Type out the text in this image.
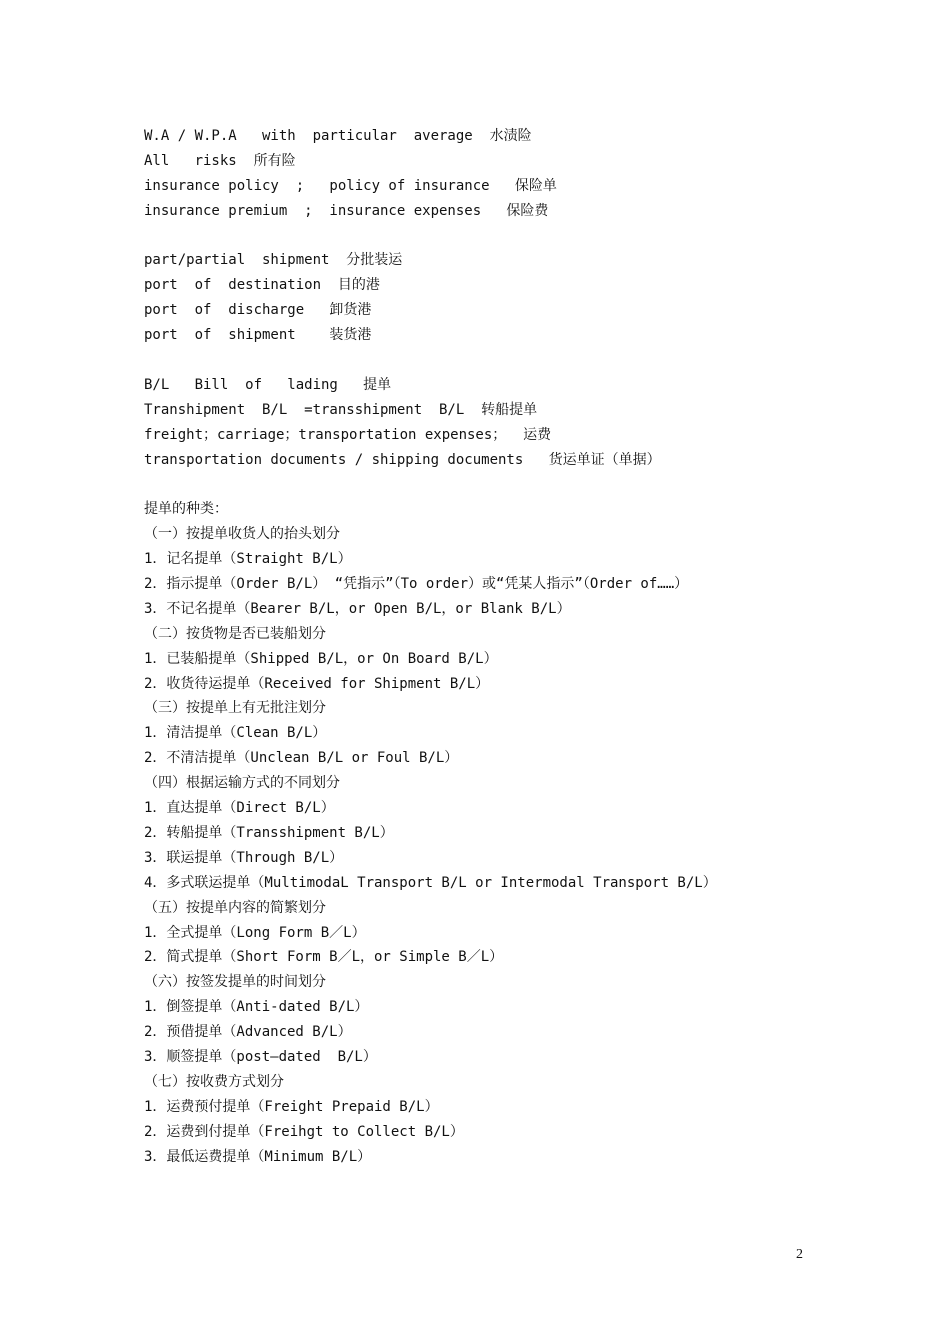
W.A / W.P.A   with  particular  average  水渍险
All   risks  所有险
insurance policy  ;   policy of insurance   保险单
insurance premium  ;  insurance expenses   保险费
part/partial  shipment  分批装运
port  of  destination  目的港
port  of  discharge   卸货港
port  of  shipment    装货港
B/L   Bill  of   lading   提单
Transhipment  B/L  =transshipment  B/L  转船提单
freight；carriage；transportation expenses；  运费
transportation documents / shipping documents   货运单证（单据）
提单的种类：
（一）按提单收货人的抬头划分
1．记名提单（Straight B/L）
2．指示提单（Order B/L） “凭指示”（To order）或“凭某人指示”（Order of……）
3．不记名提单（Bearer B/L，or Open B/L，or Blank B/L）
（二）按货物是否已装船划分
1．已装船提单（Shipped B/L，or On Board B/L）
2．收货待运提单（Received for Shipment B/L）
（三）按提单上有无批注划分
1．清洁提单（Clean B/L）
2．不清洁提单（Unclean B/L or Foul B/L）
（四）根据运输方式的不同划分
1．直达提单（Direct B/L）
2．转船提单（Transshipment B/L）
3．联运提单（Through B/L）
4．多式联运提单（MultimodaL Transport B/L or Intermodal Transport B/L）
（五）按提单内容的简繁划分
1．全式提单（Long Form B／L）
2．简式提单（Short Form B／L，or Simple B／L）
（六）按签发提单的时间划分
1．倒签提单（Anti-dated B/L）
2．预借提单（Advanced B/L）
3．顺签提单（post—dated  B/L）
（七）按收费方式划分
1．运费预付提单（Freight Prepaid B/L）
2．运费到付提单（Freihgt to Collect B/L）
3．最低运费提单（Minimum B/L）
2
